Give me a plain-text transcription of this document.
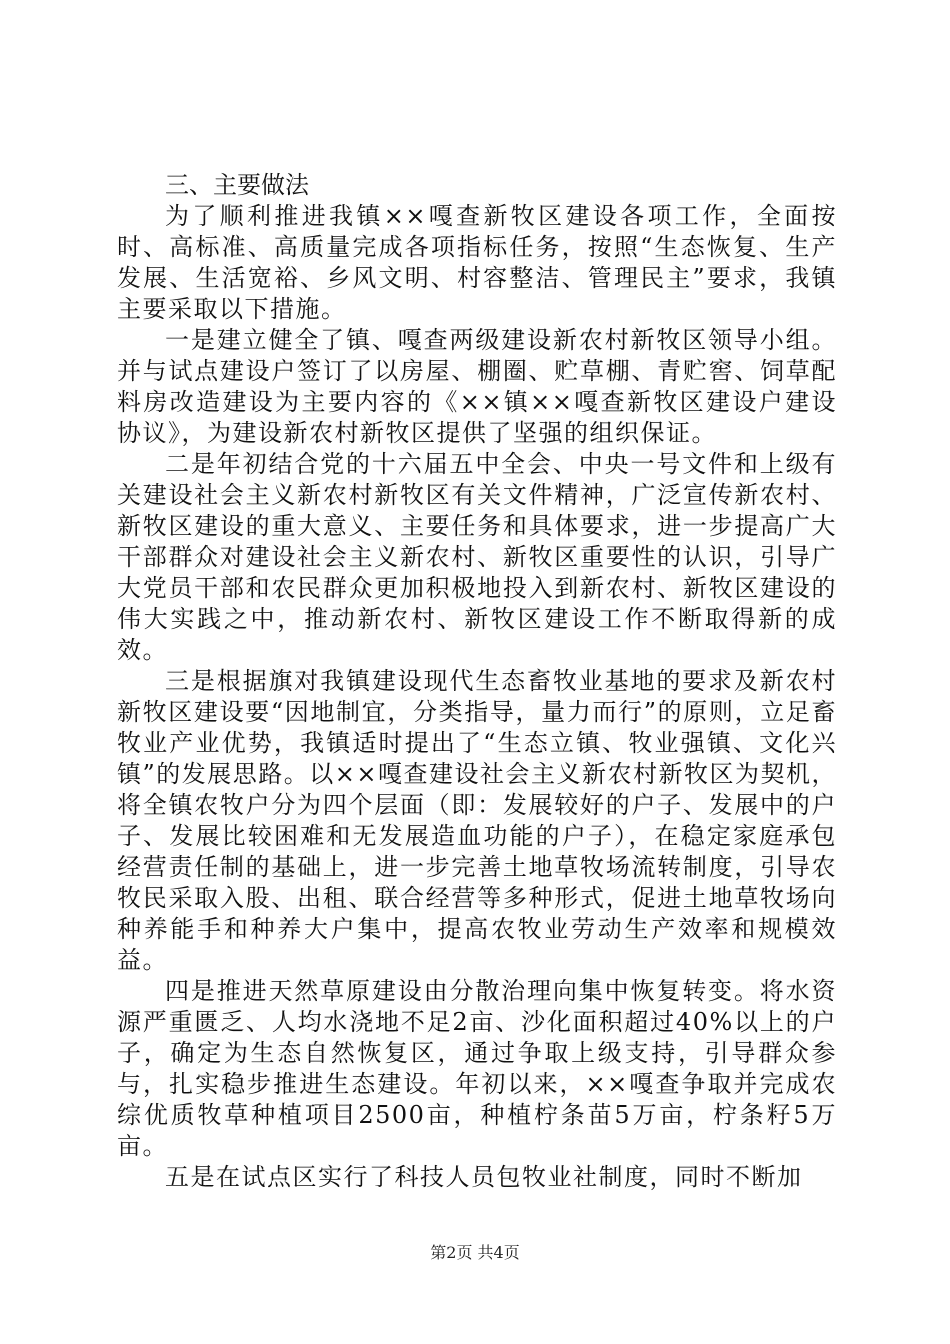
三、主要做法

为了顺利推进我镇××嘎查新牧区建设各项工作，全面按时、高标准、高质量完成各项指标任务，按照“生态恢复、生产发展、生活宽裕、乡风文明、村容整洁、管理民主”要求，我镇主要采取以下措施。

一是建立健全了镇、嘎查两级建设新农村新牧区领导小组。并与试点建设户签订了以房屋、棚圈、贮草棚、青贮窖、饲草配料房改造建设为主要内容的《××镇××嘎查新牧区建设户建设协议》，为建设新农村新牧区提供了坚强的组织保证。

二是年初结合党的十六届五中全会、中央一号文件和上级有关建设社会主义新农村新牧区有关文件精神，广泛宣传新农村、新牧区建设的重大意义、主要任务和具体要求，进一步提高广大干部群众对建设社会主义新农村、新牧区重要性的认识，引导广大党员干部和农民群众更加积极地投入到新农村、新牧区建设的伟大实践之中，推动新农村、新牧区建设工作不断取得新的成效。

三是根据旗对我镇建设现代生态畜牧业基地的要求及新农村新牧区建设要“因地制宜，分类指导，量力而行”的原则，立足畜牧业产业优势，我镇适时提出了“生态立镇、牧业强镇、文化兴镇”的发展思路。以××嘎查建设社会主义新农村新牧区为契机，将全镇农牧户分为四个层面（即：发展较好的户子、发展中的户子、发展比较困难和无发展造血功能的户子），在稳定家庭承包经营责任制的基础上，进一步完善土地草牧场流转制度，引导农牧民采取入股、出租、联合经营等多种形式，促进土地草牧场向种养能手和种养大户集中，提高农牧业劳动生产效率和规模效益。

四是推进天然草原建设由分散治理向集中恢复转变。将水资源严重匮乏、人均水浇地不足2亩、沙化面积超过40%以上的户子，确定为生态自然恢复区，通过争取上级支持，引导群众参与，扎实稳步推进生态建设。年初以来，××嘎查争取并完成农综优质牧草种植项目2500亩，种植柠条苗5万亩，柠条籽5万亩。

五是在试点区实行了科技人员包牧业社制度，同时不断加

第2页 共4页
